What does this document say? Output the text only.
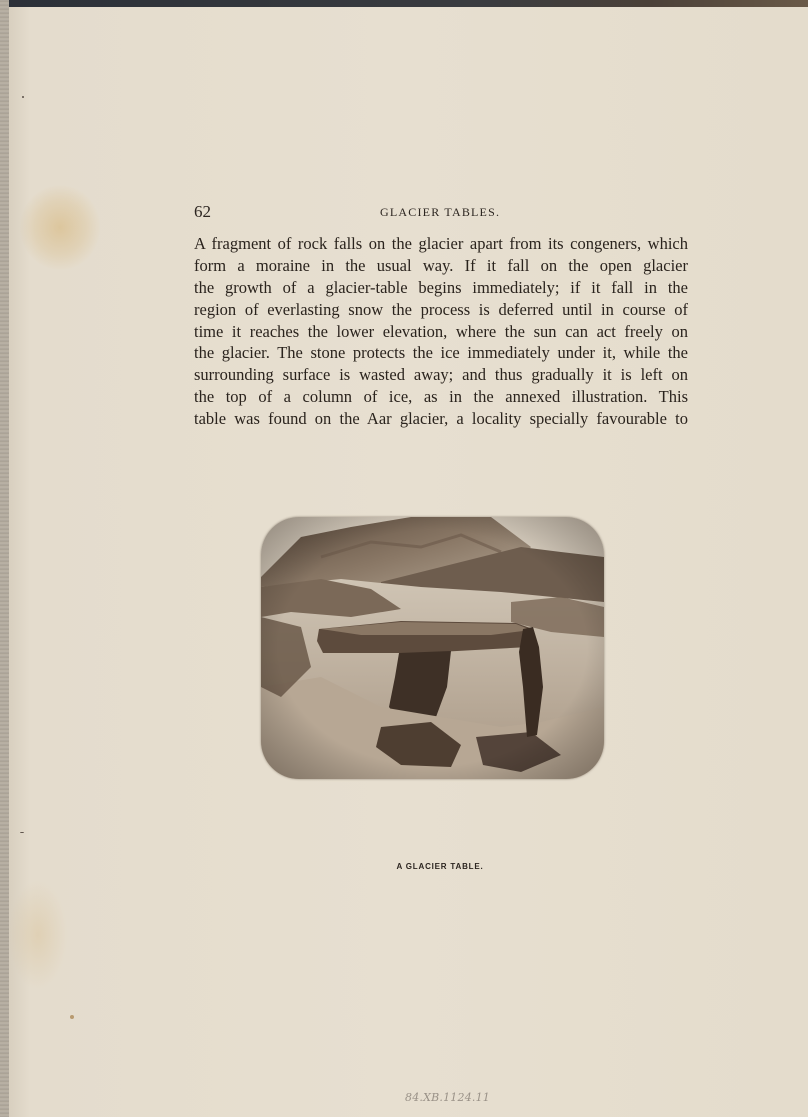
62	GLACIER TABLES.
A fragment of rock falls on the glacier apart from its congeners, which
form a moraine in the usual way. If it fall on the open glacier
the growth of a glacier-table begins immediately; if it fall in the
region of everlasting snow the process is deferred until in course of
time it reaches the lower elevation, where the sun can act freely on
the glacier. The stone protects the ice immediately under it, while the
surrounding surface is wasted away; and thus gradually it is left on
the top of a column of ice, as in the annexed illustration. This
table was found on the Aar glacier, a locality specially favourable to
A GLACIER TABLE.
84.XB.1124.11
